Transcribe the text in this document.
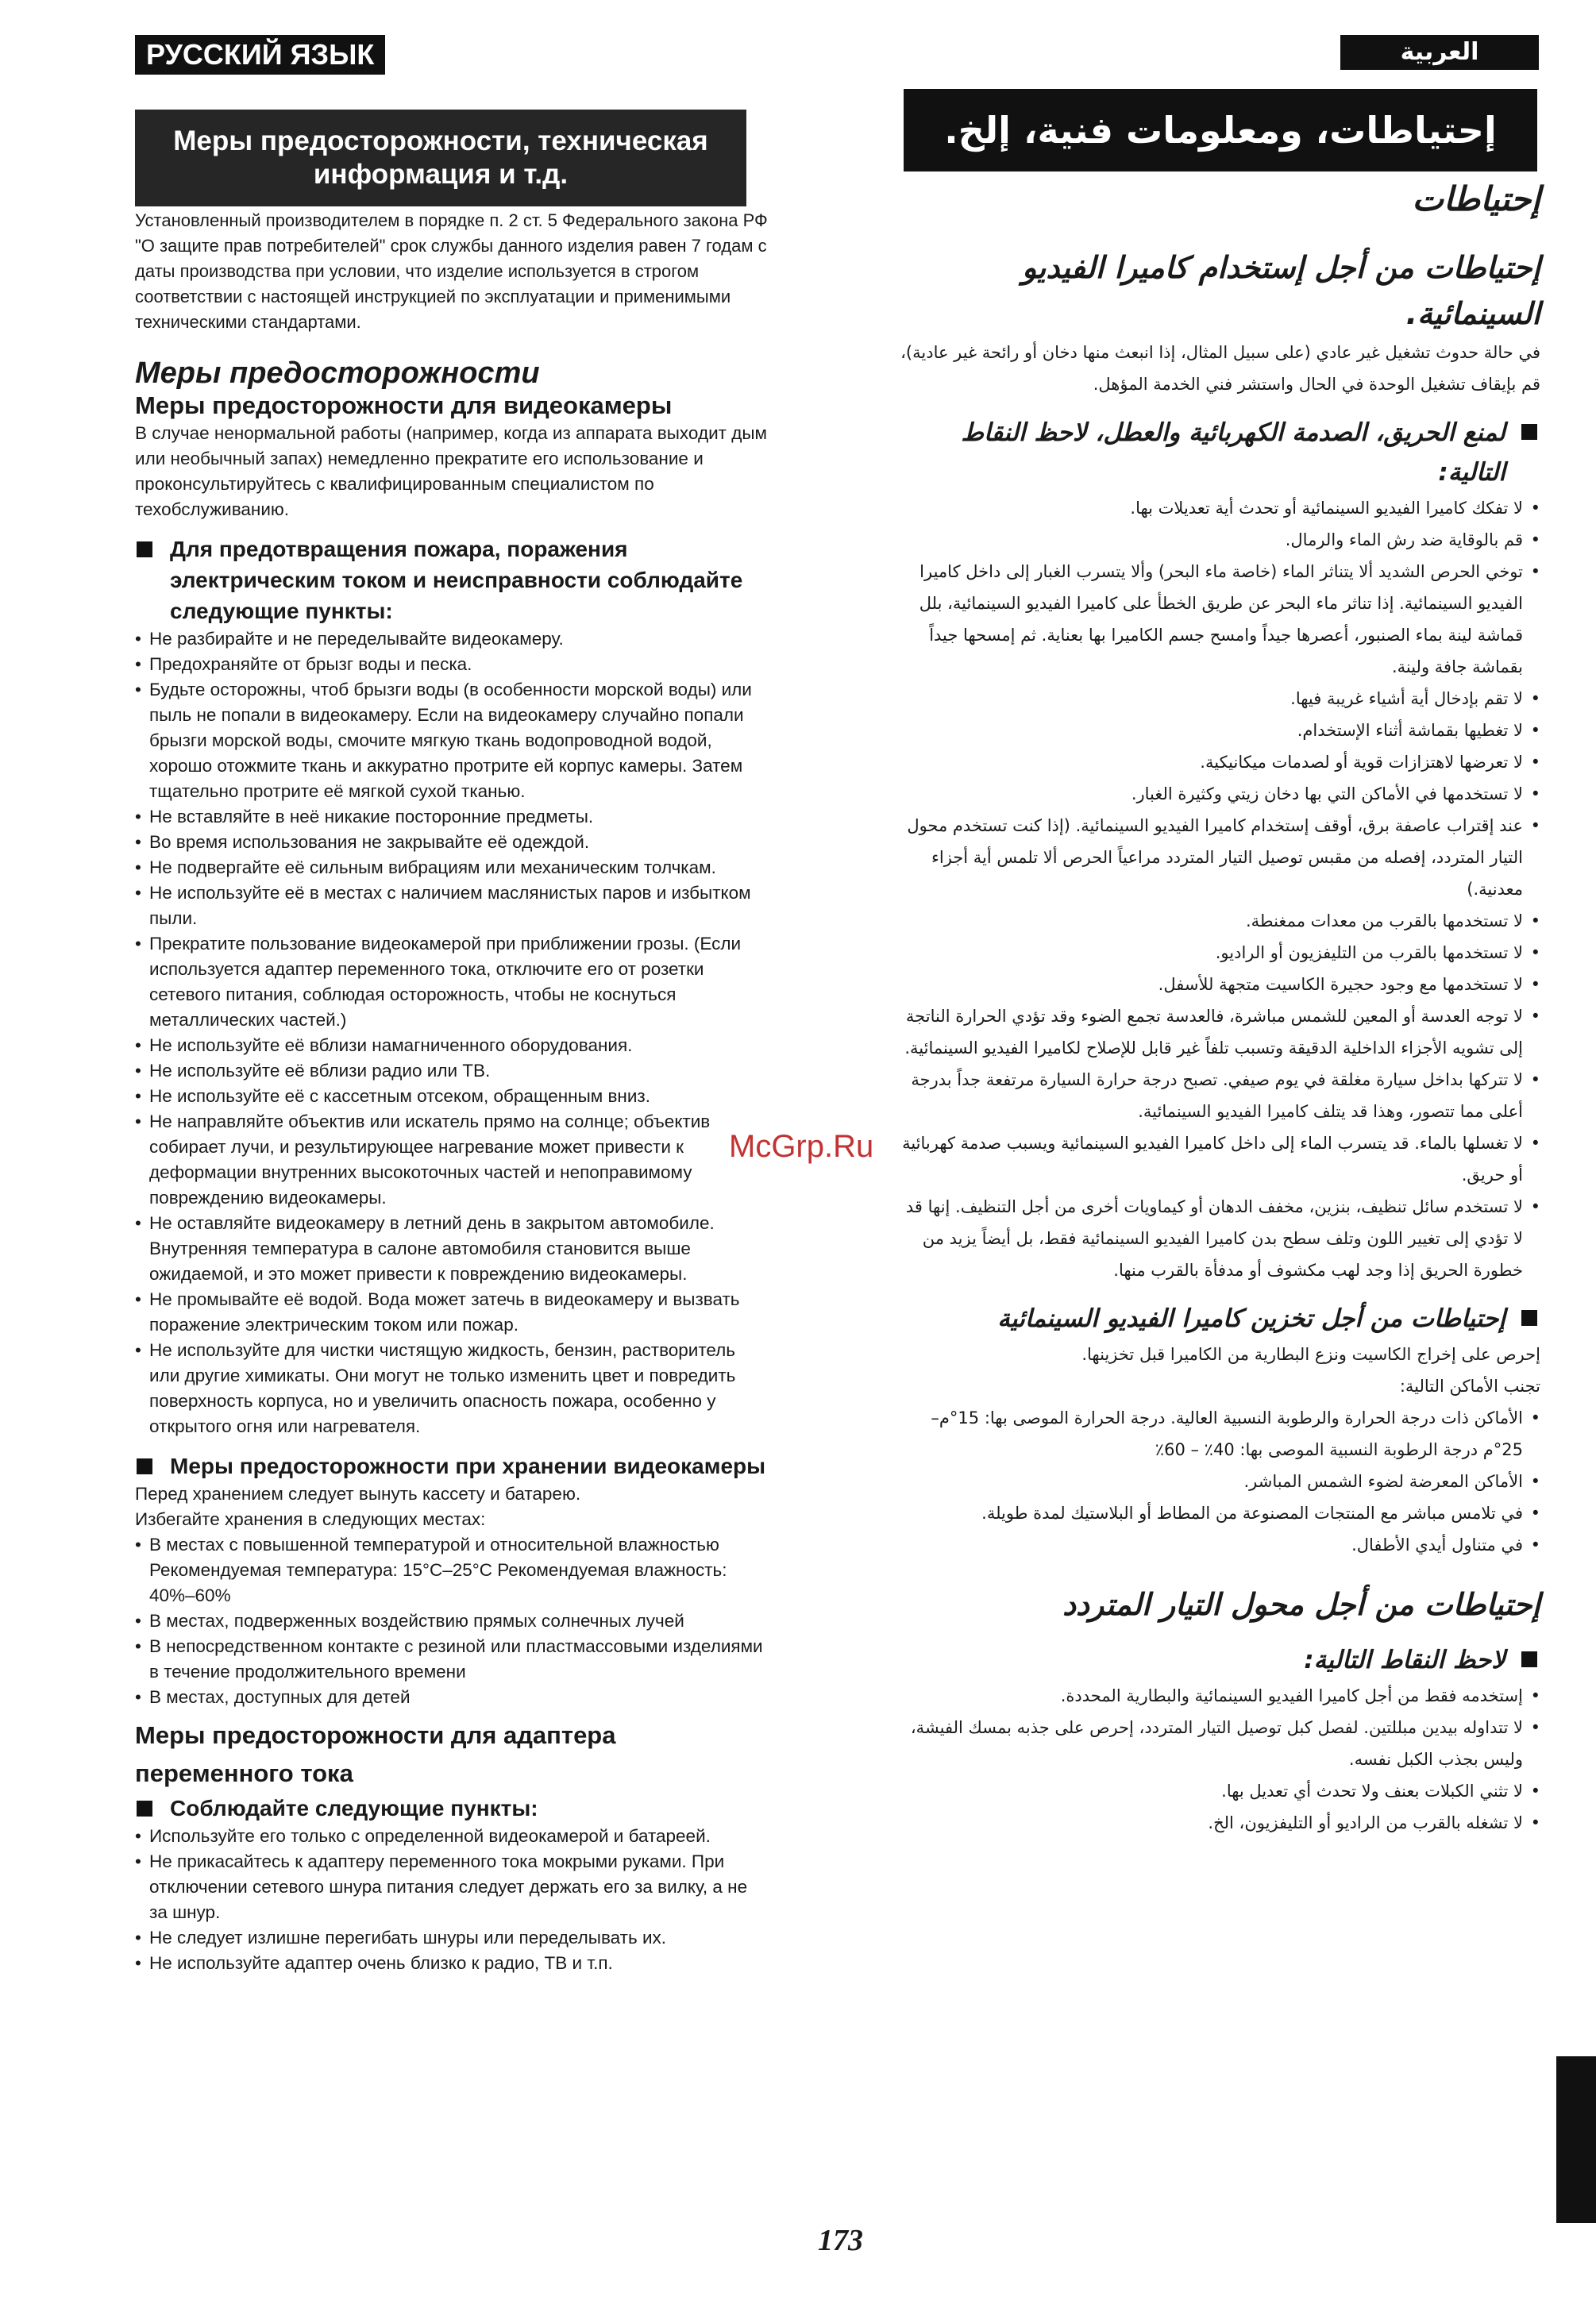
РУССКИЙ ЯЗЫК	العربية
Меры предосторожности, техническая
информация и т.д.
إحتياطات، ومعلومات فنية، إلخ.

Установленный производителем в порядке п. 2 ст. 5 Федерального закона РФ "О защите прав потребителей" срок службы данного изделия равен 7 годам с даты производства при условии, что изделие используется в строгом соответствии с настоящей инструкцией по эксплуатации и применимыми техническими стандартами.

Меры предосторожности

Меры предосторожности для видеокамеры

В случае ненормальной работы (например, когда из аппарата выходит дым или необычный запах) немедленно прекратите его использование и проконсультируйтесь с квалифицированным специалистом по техобслуживанию.

Для предотвращения пожара, поражения электрическим током и неисправности соблюдайте следующие пункты:

• Не разбирайте и не переделывайте видеокамеру.

• Предохраняйте от брызг воды и песка.

• Будьте осторожны, чтоб брызги воды (в особенности морской воды) или пыль не попали в видеокамеру. Если на видеокамеру случайно попали брызги морской воды, смочите мягкую ткань водопроводной водой, хорошо отожмите ткань и аккуратно протрите ей корпус камеры. Затем тщательно протрите её мягкой сухой тканью.

• Не вставляйте в неё никакие посторонние предметы.

• Во время использования не закрывайте её одеждой.

• Не подвергайте её сильным вибрациям или механическим толчкам.

• Не используйте её в местах с наличием маслянистых паров и избытком пыли.

• Прекратите пользование видеокамерой при приближении грозы. (Если используется адаптер переменного тока, отключите его от розетки сетевого питания, соблюдая осторожность, чтобы не коснуться металлических частей.)

• Не используйте её вблизи намагниченного оборудования.

• Не используйте её вблизи радио или ТВ.

• Не используйте её с кассетным отсеком, обращенным вниз.

• Не направляйте объектив или искатель прямо на солнце; объектив собирает лучи, и результирующее нагревание может привести к деформации внутренних высокоточных частей и непоправимому повреждению видеокамеры.

• Не оставляйте видеокамеру в летний день в закрытом автомобиле. Внутренняя температура в салоне автомобиля становится выше ожидаемой, и это может привести к повреждению видеокамеры.

• Не промывайте её водой. Вода может затечь в видеокамеру и вызвать поражение электрическим током или пожар.

• Не используйте для чистки чистящую жидкость, бензин, растворитель или другие химикаты. Они могут не только изменить цвет и повредить поверхность корпуса, но и увеличить опасность пожара, особенно у открытого огня или нагревателя.

Меры предосторожности при хранении видеокамеры

Перед хранением следует вынуть кассету и батарею.

Избегайте хранения в следующих местах:

• В местах с повышенной температурой и относительной влажностью Рекомендуемая температура: 15°C–25°C Рекомендуемая влажность: 40%–60%

• В местах, подверженных воздействию прямых солнечных лучей

• В непосредственном контакте с резиной или пластмассовыми изделиями в течение продолжительного времени

• В местах, доступных для детей

Меры предосторожности для адаптера переменного тока

Соблюдайте следующие пункты:

• Используйте его только с определенной видеокамерой и батареей.

• Не прикасайтесь к адаптеру переменного тока мокрыми руками. При отключении сетевого шнура питания следует держать его за вилку, а не за шнур.

• Не следует излишне перегибать шнуры или переделывать их.

• Не используйте адаптер очень близко к радио, ТВ и т.п.

إحتياطات

إحتياطات من أجل إستخدام كاميرا الفيديو السينمائية.

في حالة حدوث تشغيل غير عادي (على سبيل المثال، إذا انبعث منها دخان أو رائحة غير عادية)، قم بإيقاف تشغيل الوحدة في الحال واستشر فني الخدمة المؤهل.

لمنع الحريق، الصدمة الكهربائية والعطل، لاحظ النقاط التالية:

• لا تفكك كاميرا الفيديو السينمائية أو تحدث أية تعديلات بها.

• قم بالوقاية ضد رش الماء والرمال.

• توخي الحرص الشديد ألا يتناثر الماء (خاصة ماء البحر) وألا يتسرب الغبار إلى داخل كاميرا الفيديو السينمائية. إذا تناثر ماء البحر عن طريق الخطأ على كاميرا الفيديو السينمائية، بلل قماشة لينة بماء الصنبور، أعصرها جيداً وامسح جسم الكاميرا بها بعناية. ثم إمسحها جيداً بقماشة جافة ولينة.

• لا تقم بإدخال أية أشياء غريبة فيها.

• لا تغطيها بقماشة أثناء الإستخدام.

• لا تعرضها لاهتزازات قوية أو لصدمات ميكانيكية.

• لا تستخدمها في الأماكن التي بها دخان زيتي وكثيرة الغبار.

• عند إقتراب عاصفة برق، أوقف إستخدام كاميرا الفيديو السينمائية. (إذا كنت تستخدم محول التيار المتردد، إفصله من مقبس توصيل التيار المتردد مراعياً الحرص ألا تلمس أية أجزاء معدنية.)

• لا تستخدمها بالقرب من معدات ممغنطة.

• لا تستخدمها بالقرب من التليفزيون أو الراديو.

• لا تستخدمها مع وجود حجيرة الكاسيت متجهة للأسفل.

• لا توجه العدسة أو المعين للشمس مباشرة، فالعدسة تجمع الضوء وقد تؤدي الحرارة الناتجة إلى تشويه الأجزاء الداخلية الدقيقة وتسبب تلفاً غير قابل للإصلاح لكاميرا الفيديو السينمائية.

• لا تتركها بداخل سيارة مغلقة في يوم صيفي. تصبح درجة حرارة السيارة مرتفعة جداً بدرجة أعلى مما تتصور، وهذا قد يتلف كاميرا الفيديو السينمائية.

• لا تغسلها بالماء. قد يتسرب الماء إلى داخل كاميرا الفيديو السينمائية ويسبب صدمة كهربائية أو حريق.

• لا تستخدم سائل تنظيف، بنزين، مخفف الدهان أو كيماويات أخرى من أجل التنظيف. إنها قد لا تؤدي إلى تغيير اللون وتلف سطح بدن كاميرا الفيديو السينمائية فقط، بل أيضاً يزيد من خطورة الحريق إذا وجد لهب مكشوف أو مدفأة بالقرب منها.

إحتياطات من أجل تخزين كاميرا الفيديو السينمائية

إحرص على إخراج الكاسيت ونزع البطارية من الكاميرا قبل تخزينها.

تجنب الأماكن التالية:

• الأماكن ذات درجة الحرارة والرطوبة النسبية العالية. درجة الحرارة الموصى بها: 15°م–25°م درجة الرطوبة النسبية الموصى بها: 40٪ – 60٪

• الأماكن المعرضة لضوء الشمس المباشر.

• في تلامس مباشر مع المنتجات المصنوعة من المطاط أو البلاستيك لمدة طويلة.

• في متناول أيدي الأطفال.

إحتياطات من أجل محول التيار المتردد

لاحظ النقاط التالية:

• إستخدمه فقط من أجل كاميرا الفيديو السينمائية والبطارية المحددة.

• لا تتداوله بيدين مبللتين. لفصل كبل توصيل التيار المتردد، إحرص على جذبه بمسك الفيشة، وليس بجذب الكبل نفسه.

• لا تثني الكبلات بعنف ولا تحدث أي تعديل بها.

• لا تشغله بالقرب من الراديو أو التليفزيون، الخ.

McGrp.Ru
173
